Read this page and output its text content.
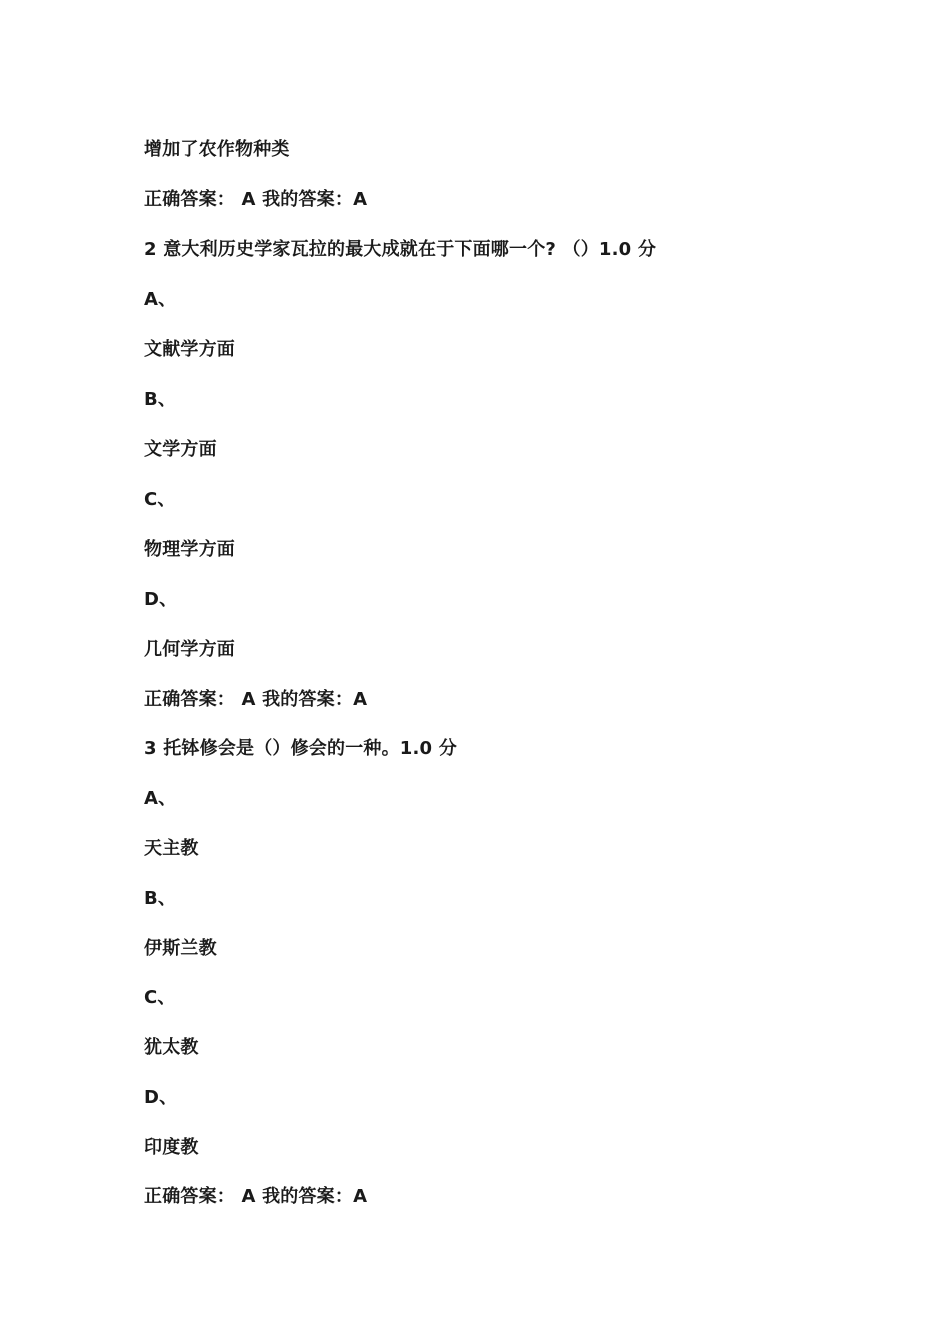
增加了农作物种类
正确答案： A 我的答案：A
2 意大利历史学家瓦拉的最大成就在于下面哪一个? （）1.0 分
A、
文献学方面
B、
文学方面
C、
物理学方面
D、
几何学方面
正确答案： A 我的答案：A
3 托钵修会是（）修会的一种。1.0 分
A、
天主教
B、
伊斯兰教
C、
犹太教
D、
印度教
正确答案： A 我的答案：A
